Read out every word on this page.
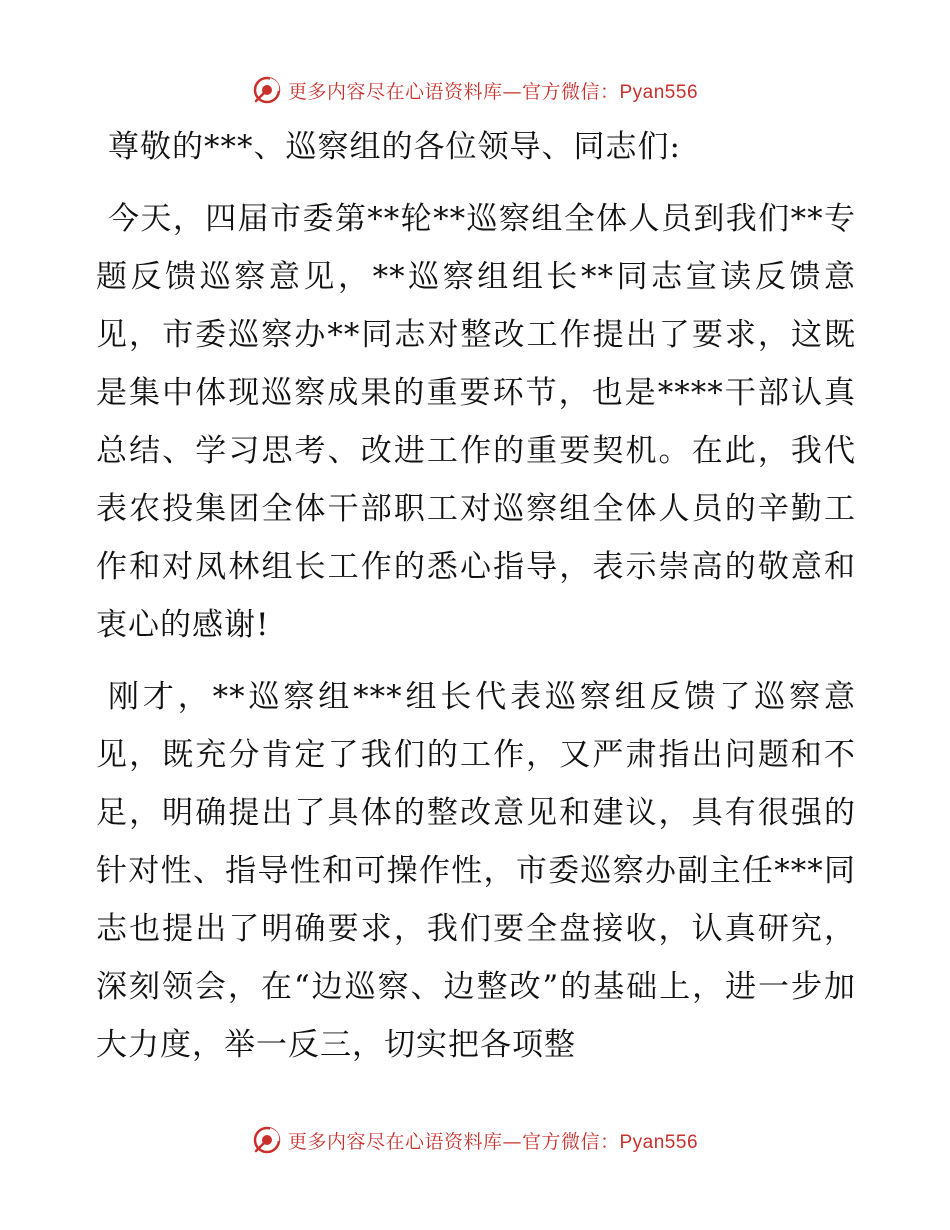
更多内容尽在心语资料库—官方微信：Pyan556

尊敬的***、巡察组的各位领导、同志们:

今天，四届市委第**轮**巡察组全体人员到我们**专题反馈巡察意见，**巡察组组长**同志宣读反馈意见，市委巡察办**同志对整改工作提出了要求，这既是集中体现巡察成果的重要环节，也是****干部认真总结、学习思考、改进工作的重要契机。在此，我代表农投集团全体干部职工对巡察组全体人员的辛勤工作和对凤林组长工作的悉心指导，表示崇高的敬意和衷心的感谢!

刚才，**巡察组***组长代表巡察组反馈了巡察意见，既充分肯定了我们的工作，又严肃指出问题和不足，明确提出了具体的整改意见和建议，具有很强的针对性、指导性和可操作性，市委巡察办副主任***同志也提出了明确要求，我们要全盘接收，认真研究，深刻领会，在“边巡察、边整改”的基础上，进一步加大力度，举一反三，切实把各项整

更多内容尽在心语资料库—官方微信：Pyan556
